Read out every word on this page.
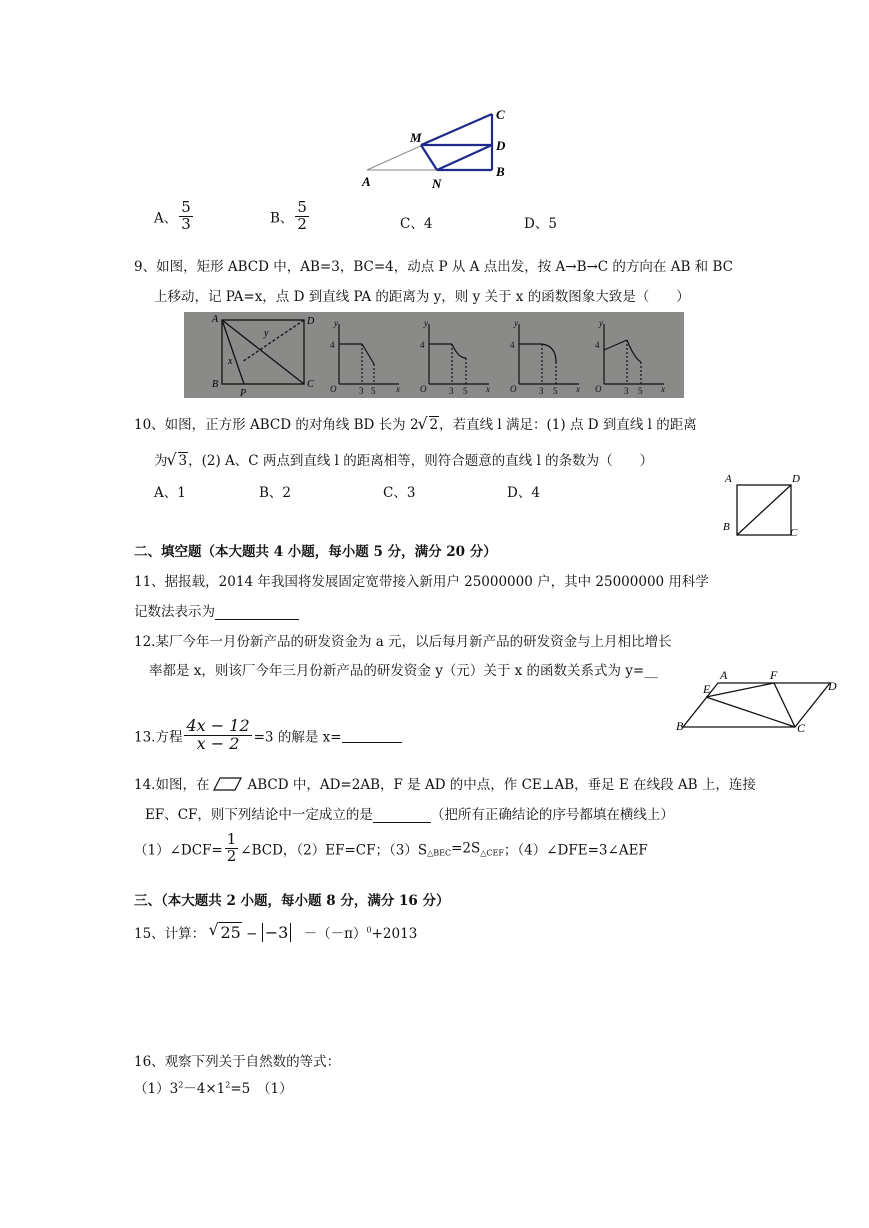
M
C
D
A	N
B
A、 $\frac{5}{3}$	B、 $\frac{5}{2}$	C、4	D、5
9、如图，矩形 ABCD 中，AB=3，BC=4，动点 P 从 A 点出发，按 A→B→C 的方向在 AB 和 BC
上移动，记 PA=x，点 D 到直线 PA 的距离为 y，则 y 关于 x 的函数图象大致是（　　）
A	D
B
P
C
x
y
y
4
O	3 5 x
y
4
O	3 5 x
y
4
O	3 5 x
y
4
O	3 5 x
10、如图，正方形 ABCD 的对角线 BD 长为 2 √ 2，若直线 l 满足：(1) 点 D 到直线 l 的距离
为 √ 3，(2) A、C 两点到直线 l 的距离相等，则符合题意的直线 l 的条数为（　　）
A、1	B、2	C、3	D、4
A	D
B	C
二、填空题（本大题共 4 小题，每小题 5 分，满分 20 分）
11、据报载，2014 年我国将发展固定宽带接入新用户 25000000 户，其中 25000000 用科学
记数法表示为
12.某厂今年一月份新产品的研发资金为 a 元，以后每月新产品的研发资金与上月相比增长
率都是 x，则该厂今年三月份新产品的研发资金 y（元）关于 x 的函数关系式为 y=__	A	F
D
E
B	C
13.方程 $\frac{4x - 12}{x - 2} =3$ 的解是 x=
14.如图，在	ABCD 中，AD=2AB，F 是 AD 的中点，作 CE⊥AB，垂足 E 在线段 AB 上，连接
EF、CF，则下列结论中一定成立的是	（把所有正确结论的序号都填在横线上）
（1）∠DCF= $\frac{1}{2}$ ∠BCD，（2）EF=CF；$(3)S_{\triangle BEC}=2S_{\triangle CEF}$；（4）∠DFE=3∠AEF
三、（本大题共 2 小题，每小题 8 分，满分 16 分）
15、计算： √ $25 - -3 -(-\pi)^0+2013$
16、观察下列关于自然数的等式：
$(1)3^2-4\times 1^2=5$　（1）
